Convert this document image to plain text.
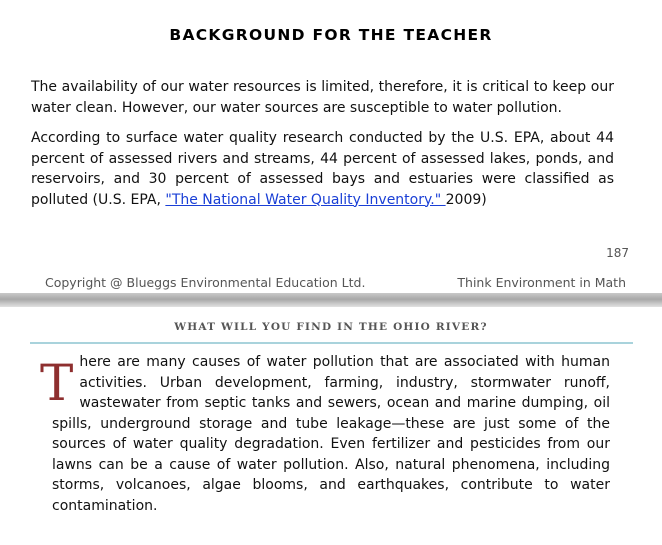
BACKGROUND FOR THE TEACHER

The availability of our water resources is limited, therefore, it is critical to keep our water clean. However, our water sources are susceptible to water pollution.

According to surface water quality research conducted by the U.S. EPA, about 44 percent of assessed rivers and streams, 44 percent of assessed lakes, ponds, and reservoirs, and 30 percent of assessed bays and estuaries were classified as polluted (U.S. EPA, "The National Water Quality Inventory." 2009)

187
Copyright @ Blueggs Environmental Education Ltd.	Think Environment in Math
WHAT WILL YOU FIND IN THE OHIO RIVER?

There are many causes of water pollution that are associated with human activities. Urban development, farming, industry, stormwater runoff, wastewater from septic tanks and sewers, ocean and marine dumping, oil spills, underground storage and tube leakage—these are just some of the sources of water quality degradation. Even fertilizer and pesticides from our lawns can be a cause of water pollution. Also, natural phenomena, including storms, volcanoes, algae blooms, and earthquakes, contribute to water contamination.
